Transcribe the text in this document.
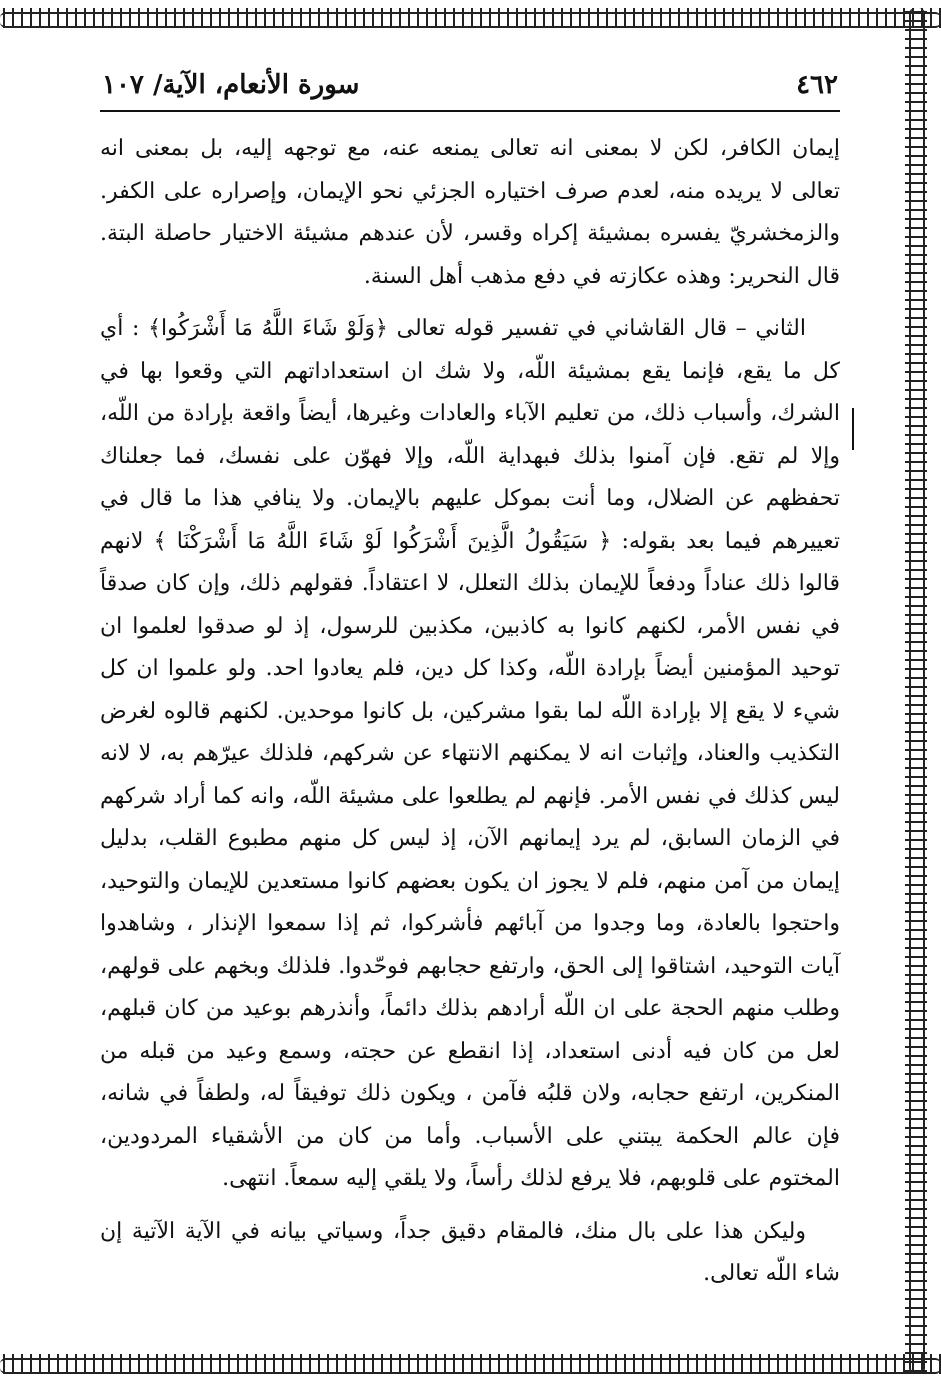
٤٦٢
سورة الأنعام، الآية/ ١٠٧

إيمان الكافر، لكن لا بمعنى انه تعالى يمنعه عنه، مع توجهه إليه، بل بمعنى انه تعالى لا يريده منه، لعدم صرف اختياره الجزئي نحو الإيمان، وإصراره على الكفر. والزمخشريّ يفسره بمشيئة إكراه وقسر، لأن عندهم مشيئة الاختيار حاصلة البتة. قال النحرير: وهذه عكازته في دفع مذهب أهل السنة.

الثاني – قال القاشاني في تفسير قوله تعالى ﴿وَلَوْ شَاءَ اللَّهُ مَا أَشْرَكُوا﴾ : أي كل ما يقع، فإنما يقع بمشيئة اللّه، ولا شك ان استعداداتهم التي وقعوا بها في الشرك، وأسباب ذلك، من تعليم الآباء والعادات وغيرها، أيضاً واقعة بإرادة من اللّه، وإلا لم تقع. فإن آمنوا بذلك فبهداية اللّه، وإلا فهوّن على نفسك، فما جعلناك تحفظهم عن الضلال، وما أنت بموكل عليهم بالإيمان. ولا ينافي هذا ما قال في تعييرهم فيما بعد بقوله: ﴿ سَيَقُولُ الَّذِينَ أَشْرَكُوا لَوْ شَاءَ اللَّهُ مَا أَشْرَكْنَا ﴾ لانهم قالوا ذلك عناداً ودفعاً للإيمان بذلك التعلل، لا اعتقاداً. فقولهم ذلك، وإن كان صدقاً في نفس الأمر، لكنهم كانوا به كاذبين، مكذبين للرسول، إذ لو صدقوا لعلموا ان توحيد المؤمنين أيضاً بإرادة اللّه، وكذا كل دين، فلم يعادوا احد. ولو علموا ان كل شيء لا يقع إلا بإرادة اللّه لما بقوا مشركين، بل كانوا موحدين. لكنهم قالوه لغرض التكذيب والعناد، وإثبات انه لا يمكنهم الانتهاء عن شركهم، فلذلك عيرّهم به، لا لانه ليس كذلك في نفس الأمر. فإنهم لم يطلعوا على مشيئة اللّه، وانه كما أراد شركهم في الزمان السابق، لم يرد إيمانهم الآن، إذ ليس كل منهم مطبوع القلب، بدليل إيمان من آمن منهم، فلم لا يجوز ان يكون بعضهم كانوا مستعدين للإيمان والتوحيد، واحتجوا بالعادة، وما وجدوا من آبائهم فأشركوا، ثم إذا سمعوا الإنذار ، وشاهدوا آيات التوحيد، اشتاقوا إلى الحق، وارتفع حجابهم فوحّدوا. فلذلك وبخهم على قولهم، وطلب منهم الحجة على ان اللّه أرادهم بذلك دائماً، وأنذرهم بوعيد من كان قبلهم، لعل من كان فيه أدنى استعداد، إذا انقطع عن حجته، وسمع وعيد من قبله من المنكرين، ارتفع حجابه، ولان قلبُه فآمن ، ويكون ذلك توفيقاً له، ولطفاً في شانه، فإن عالم الحكمة يبتني على الأسباب. وأما من كان من الأشقياء المردودين، المختوم على قلوبهم، فلا يرفع لذلك رأساً، ولا يلقي إليه سمعاً. انتهى.

وليكن هذا على بال منك، فالمقام دقيق جداً، وسياتي بيانه في الآية الآتية إن شاء اللّه تعالى.
